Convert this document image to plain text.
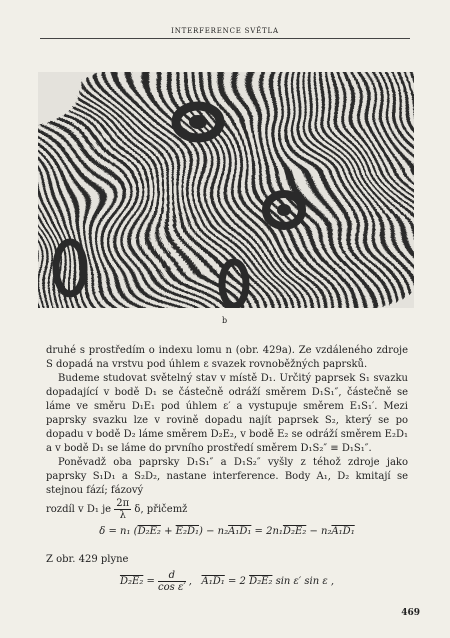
INTERFERENCE SVĚTLA
b

druhé s prostředím o indexu lomu n (obr. 429a). Ze vzdáleného zdroje S dopadá na vrstvu pod úhlem ε svazek rovnoběžných paprsků.

Budeme studovat světelný stav v místě D₁. Určitý paprsek S₁ svazku dopadající v bodě D₁ se částečně odráží směrem D₁S₁″, částečně se láme ve směru D₁E₁ pod úhlem ε′ a vystupuje směrem E₁S₁′. Mezi paprsky svazku lze v rovině dopadu najít paprsek S₂, který se po dopadu v bodě D₂ láme směrem D₂E₂, v bodě E₂ se odráží směrem E₂D₁ a v bodě D₁ se láme do prvního prostředí směrem D₁S₂″ ≡ D₁S₁″.

Poněvadž oba paprsky D₁S₁″ a D₁S₂″ vyšly z téhož zdroje jako paprsky S₁D₁ a S₂D₂, nastane interference. Body A₁, D₂ kmitají se stejnou fází; fázový

rozdíl v D₁ je $\frac{2\pi}{\lambda} \delta$, přičemž

δ = n₁ (D₂E₂ + E₂D₁) − n₂A₁D₁ = 2n₁D₂E₂ − n₂A₁D₁
Z obr. 429 plyne
$D_2E_2 = \frac{d}{\text{cos ε′}}$ , A₁D₁ = 2 D₂E₂ sin ε′ sin ε ,
469
